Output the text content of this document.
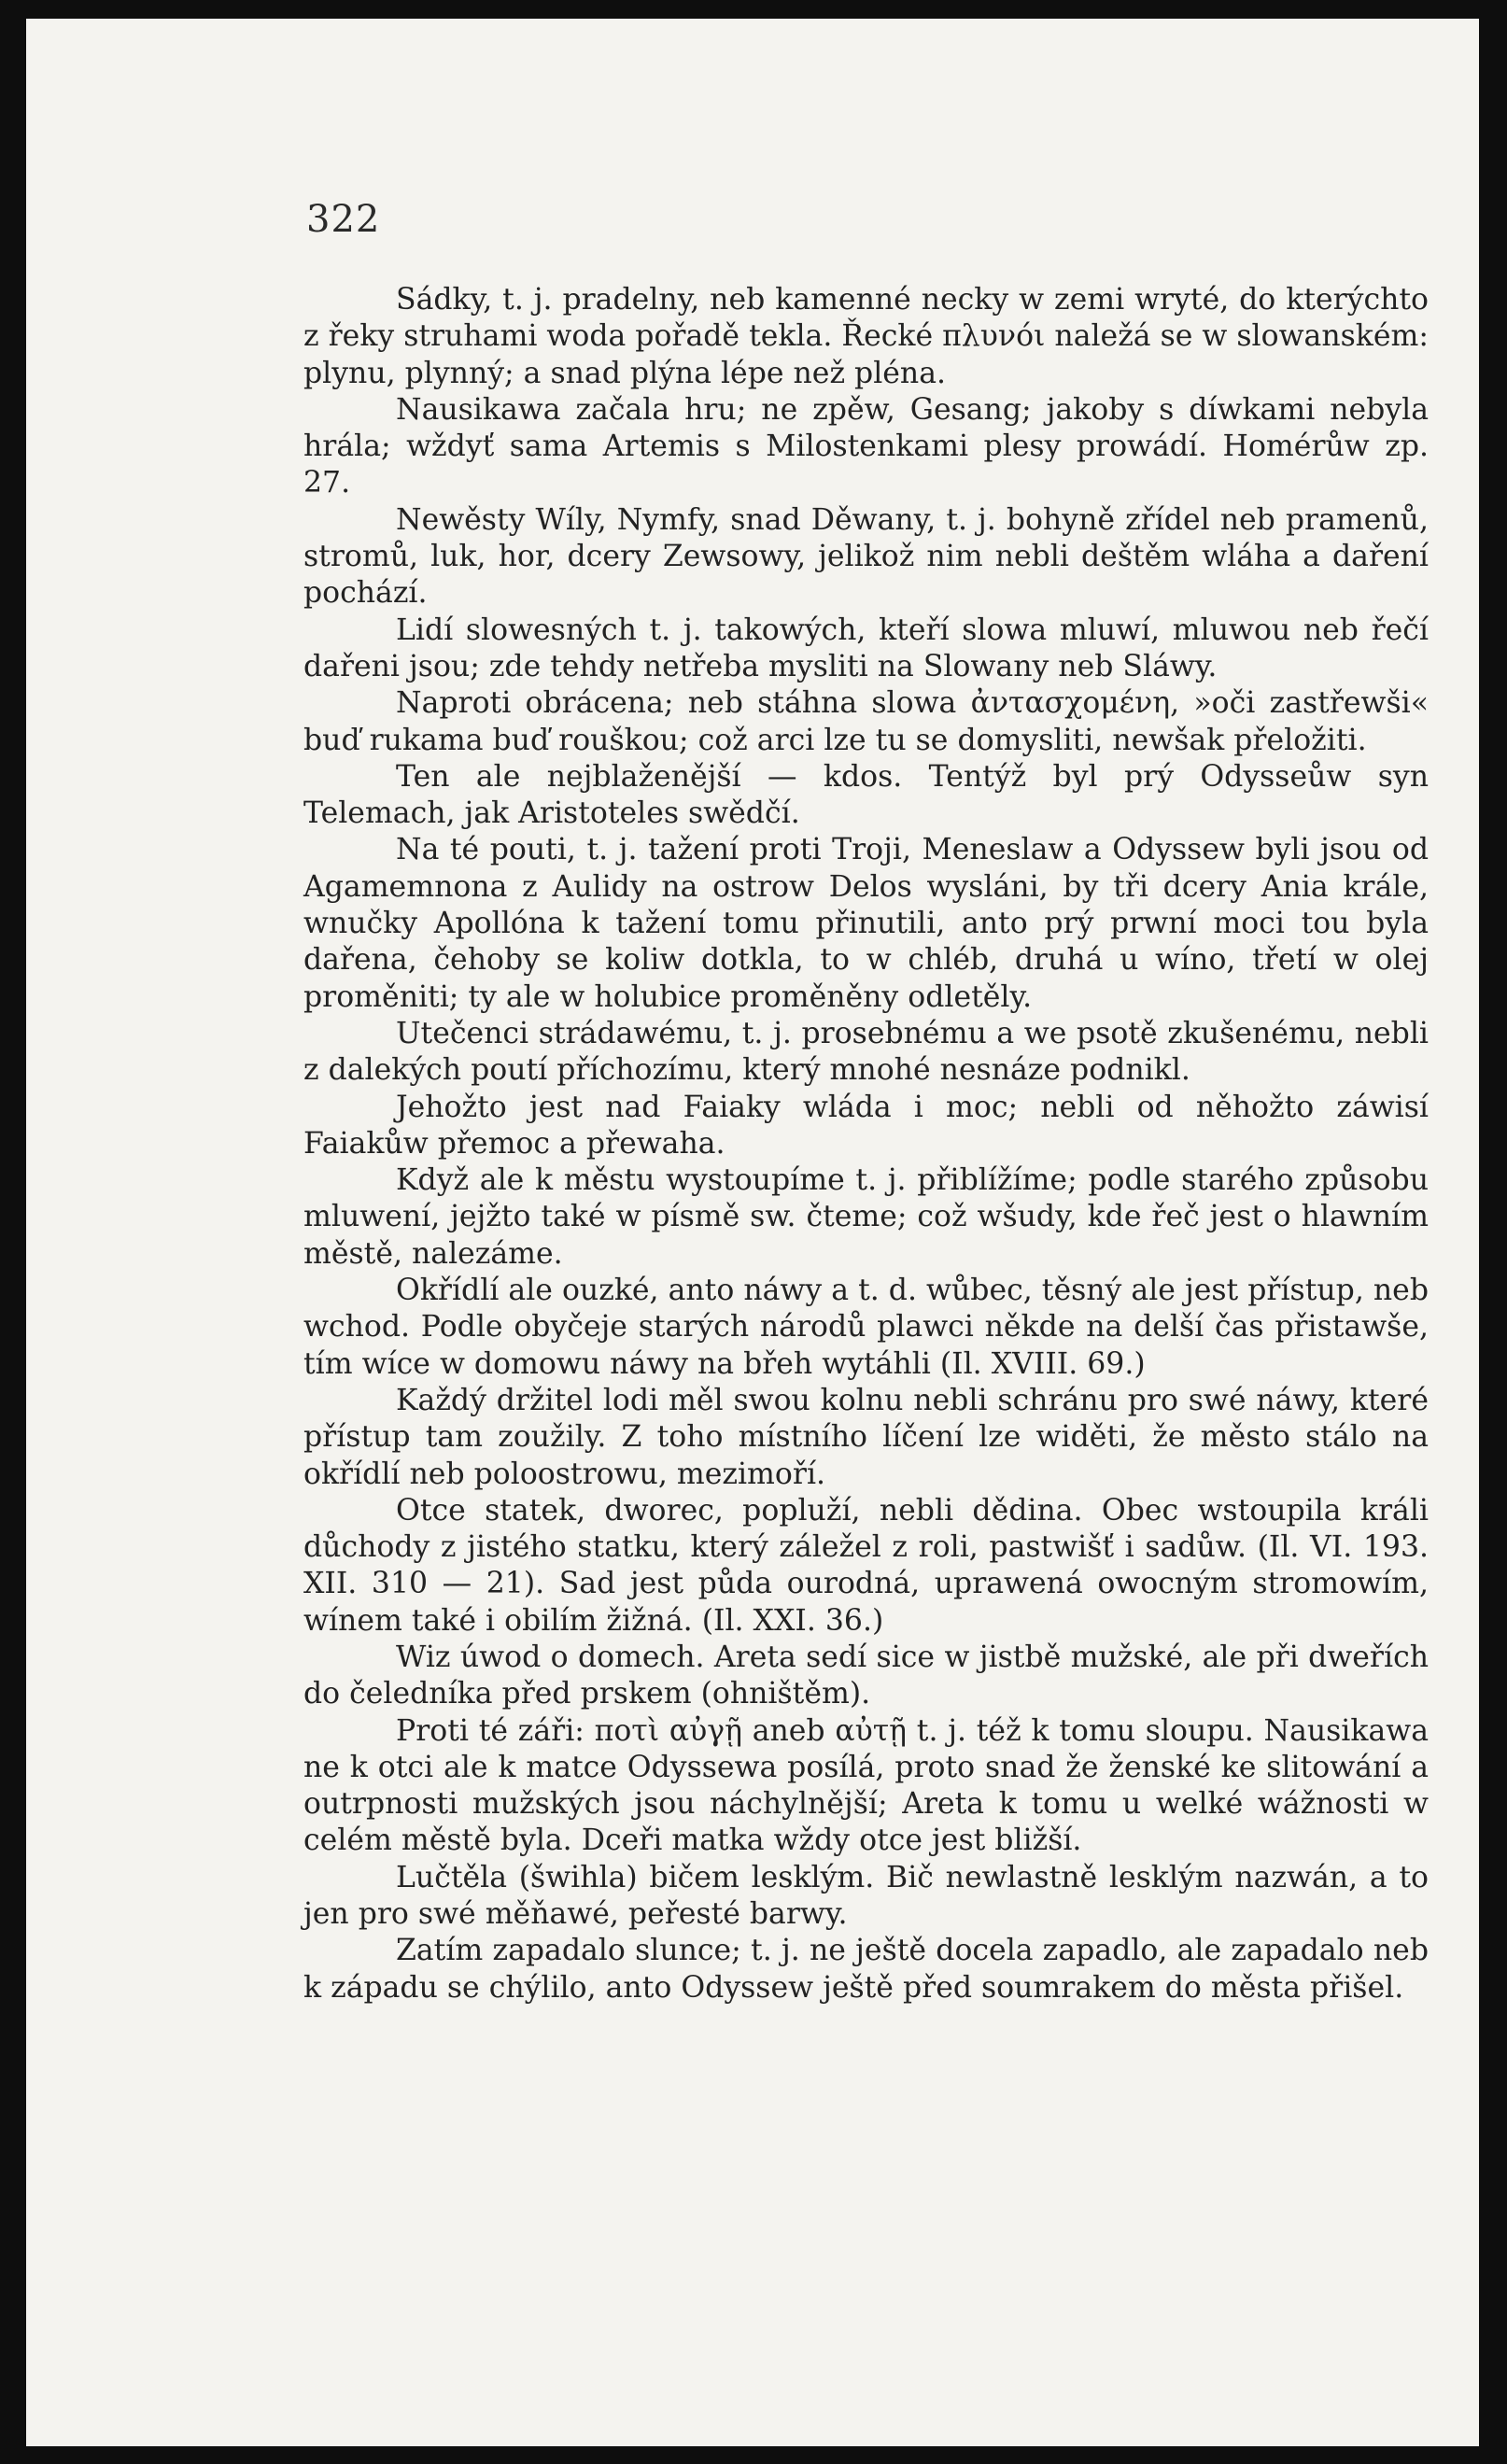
322

Sádky, t. j. pradelny, neb kamenné necky w zemi wryté, do kterýchto z řeky struhami woda pořadě tekla. Řecké πλυνόι naležá se w slowanském: plynu, plynný; a snad plýna lépe než pléna.

Nausikawa začala hru; ne zpěw, Gesang; jakoby s díwkami nebyla hrála; wždyť sama Artemis s Milostenkami plesy prowádí. Homérůw zp. 27.

Newěsty Wíly, Nymfy, snad Děwany, t. j. bohyně zřídel neb pramenů, stromů, luk, hor, dcery Zewsowy, jelikož nim nebli deštěm wláha a daření pochází.

Lidí slowesných t. j. takowých, kteří slowa mluwí, mluwou neb řečí dařeni jsou; zde tehdy netřeba mysliti na Slowany neb Sláwy.

Naproti obrácena; neb stáhna slowa ἀντασχομένη, »oči zastřewši« buď rukama buď rouškou; což arci lze tu se domysliti, newšak přeložiti.

Ten ale nejblaženější — kdos. Tentýž byl prý Odysseůw syn Telemach, jak Aristoteles swědčí.

Na té pouti, t. j. tažení proti Troji, Meneslaw a Odyssew byli jsou od Agamemnona z Aulidy na ostrow Delos wysláni, by tři dcery Ania krále, wnučky Apollóna k tažení tomu přinutili, anto prý prwní moci tou byla dařena, čehoby se koliw dotkla, to w chléb, druhá u wíno, třetí w olej proměniti; ty ale w holubice proměněny odletěly.

Utečenci strádawému, t. j. prosebnému a we psotě zkušenému, nebli z dalekých poutí příchozímu, který mnohé nesnáze podnikl.

Jehožto jest nad Faiaky wláda i moc; nebli od něhožto záwisí Faiakůw přemoc a přewaha.

Když ale k městu wystoupíme t. j. přiblížíme; podle starého způsobu mluwení, jejžto také w písmě sw. čteme; což wšudy, kde řeč jest o hlawním městě, nalezáme.

Okřídlí ale ouzké, anto náwy a t. d. wůbec, těsný ale jest přístup, neb wchod. Podle obyčeje starých národů plawci někde na delší čas přistawše, tím wíce w domowu náwy na břeh wytáhli (Il. XVIII. 69.)

Každý držitel lodi měl swou kolnu nebli schránu pro swé náwy, které přístup tam zoužily. Z toho místního líčení lze widěti, že město stálo na okřídlí neb poloostrowu, mezimoří.

Otce statek, dworec, popluží, nebli dědina. Obec wstoupila králi důchody z jistého statku, který záležel z roli, pastwišť i sadůw. (Il. VI. 193. XII. 310 — 21). Sad jest půda ourodná, uprawená owocným stromowím, wínem také i obilím žižná. (Il. XXI. 36.)

Wiz úwod o domech. Areta sedí sice w jistbě mužské, ale při dweřích do čeledníka před prskem (ohništěm).

Proti té záři: ποτὶ αὐγῇ aneb αὐτῇ t. j. též k tomu sloupu. Nausikawa ne k otci ale k matce Odyssewa posílá, proto snad že ženské ke slitowání a outrpnosti mužských jsou náchylnější; Areta k tomu u welké wážnosti w celém městě byla. Dceři matka wždy otce jest bližší.

Lučtěla (šwihla) bičem lesklým. Bič newlastně lesklým nazwán, a to jen pro swé měňawé, peřesté barwy.

Zatím zapadalo slunce; t. j. ne ještě docela zapadlo, ale zapadalo neb k západu se chýlilo, anto Odyssew ještě před soumrakem do města přišel.
